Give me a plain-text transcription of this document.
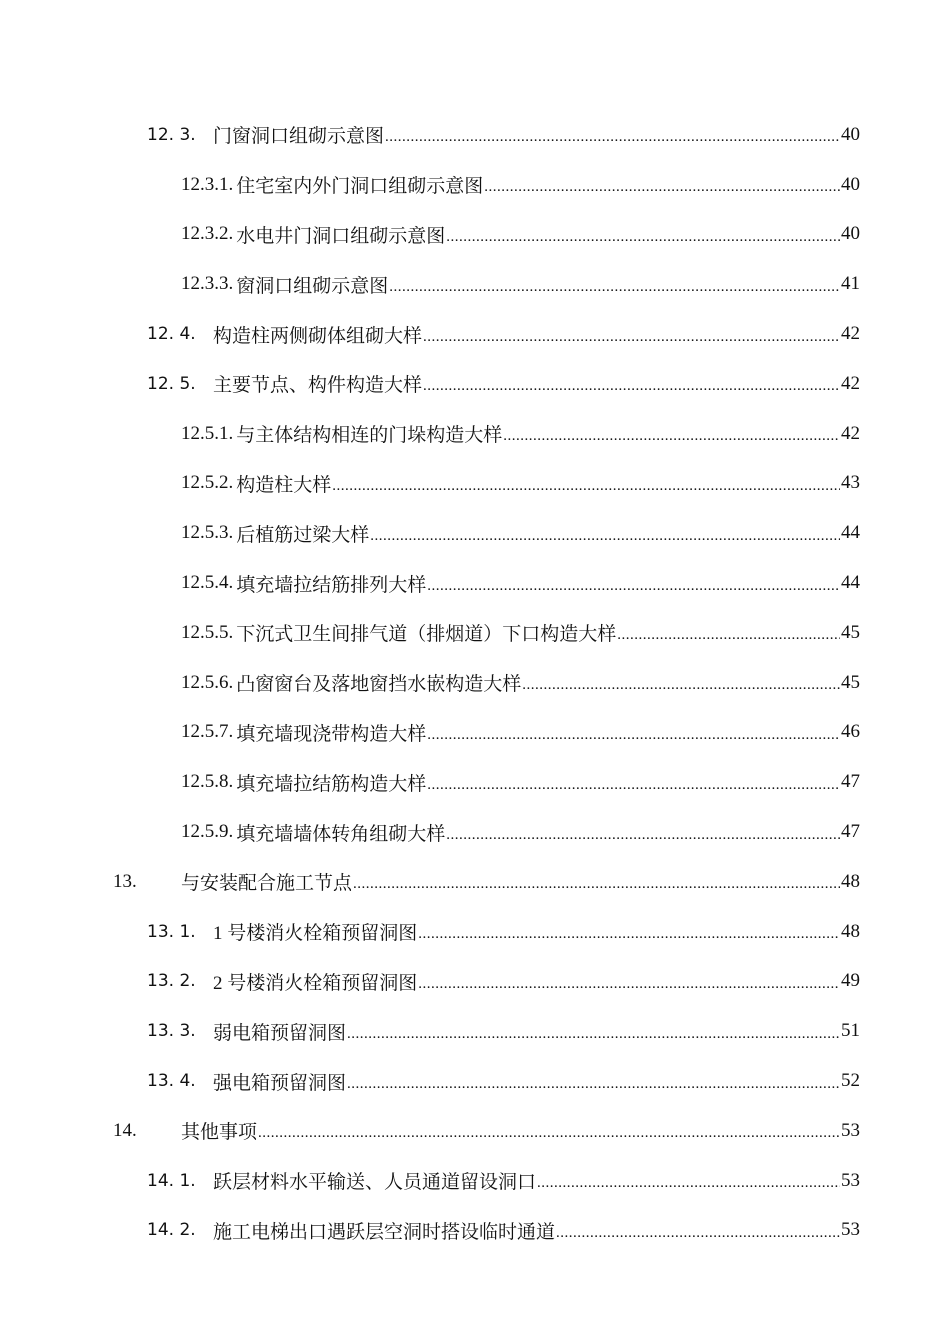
12. 3. 门窗洞口组砌示意图 .....	40
12.3.1. 住宅室内外门洞口组砌示意图 .....	40
12.3.2. 水电井门洞口组砌示意图 .....	40
12.3.3. 窗洞口组砌示意图 .....	41
12. 4. 构造柱两侧砌体组砌大样 .....	42
12. 5. 主要节点、构件构造大样 .....	42
12.5.1. 与主体结构相连的门垛构造大样 .....	42
12.5.2. 构造柱大样 .....	43
12.5.3. 后植筋过梁大样 .....	44
12.5.4. 填充墙拉结筋排列大样 .....	44
12.5.5. 下沉式卫生间排气道（排烟道）下口构造大样 .....	45
12.5.6. 凸窗窗台及落地窗挡水嵌构造大样 .....	45
12.5.7. 填充墙现浇带构造大样 .....	46
12.5.8. 填充墙拉结筋构造大样 .....	47
12.5.9. 填充墙墙体转角组砌大样 .....	47
13.	与安装配合施工节点 .....	48
13. 1. 1 号楼消火栓箱预留洞图 .....	48
13. 2. 2 号楼消火栓箱预留洞图 .....	49
13. 3. 弱电箱预留洞图 .....	51
13. 4. 强电箱预留洞图 .....	52
14.	其他事项 .....	53
14. 1. 跃层材料水平输送、人员通道留设洞口 .....	53
14. 2. 施工电梯出口遇跃层空洞时搭设临时通道 .....	53
